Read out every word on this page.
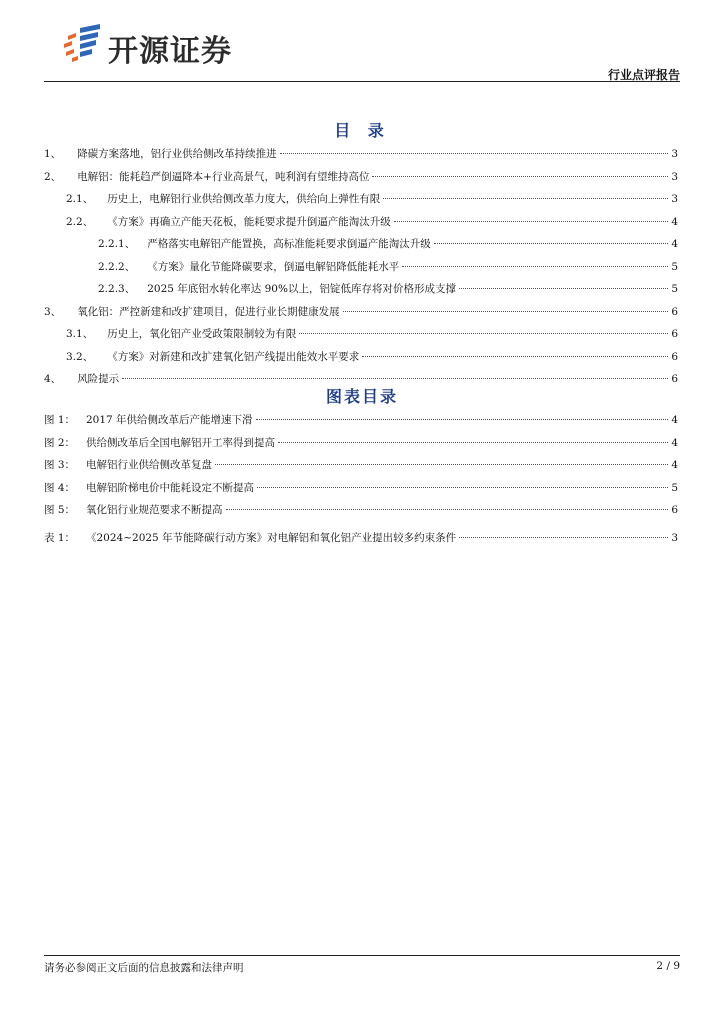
开源证券
行业点评报告
目 录
1、	降碳方案落地，铝行业供给侧改革持续推进	3
2、	电解铝：能耗趋严倒逼降本+行业高景气，吨利润有望维持高位	3
2.1、	历史上，电解铝行业供给侧改革力度大，供给向上弹性有限	3
2.2、	《方案》再确立产能天花板，能耗要求提升倒逼产能淘汰升级	4
2.2.1、	严格落实电解铝产能置换，高标准能耗要求倒逼产能淘汰升级	4
2.2.2、	《方案》量化节能降碳要求，倒逼电解铝降低能耗水平	5
2.2.3、	2025 年底铝水转化率达 90%以上，铝锭低库存将对价格形成支撑	5
3、	氧化铝：严控新建和改扩建项目，促进行业长期健康发展	6
3.1、	历史上，氧化铝产业受政策限制较为有限	6
3.2、	《方案》对新建和改扩建氧化铝产线提出能效水平要求	6
4、	风险提示	6
图表目录
图 1：	2017 年供给侧改革后产能增速下滑	4
图 2：	供给侧改革后全国电解铝开工率得到提高	4
图 3：	电解铝行业供给侧改革复盘	4
图 4：	电解铝阶梯电价中能耗设定不断提高	5
图 5：	氧化铝行业规范要求不断提高	6
表 1：	《2024~2025 年节能降碳行动方案》对电解铝和氧化铝产业提出较多约束条件	3
请务必参阅正文后面的信息披露和法律声明	2 / 9
